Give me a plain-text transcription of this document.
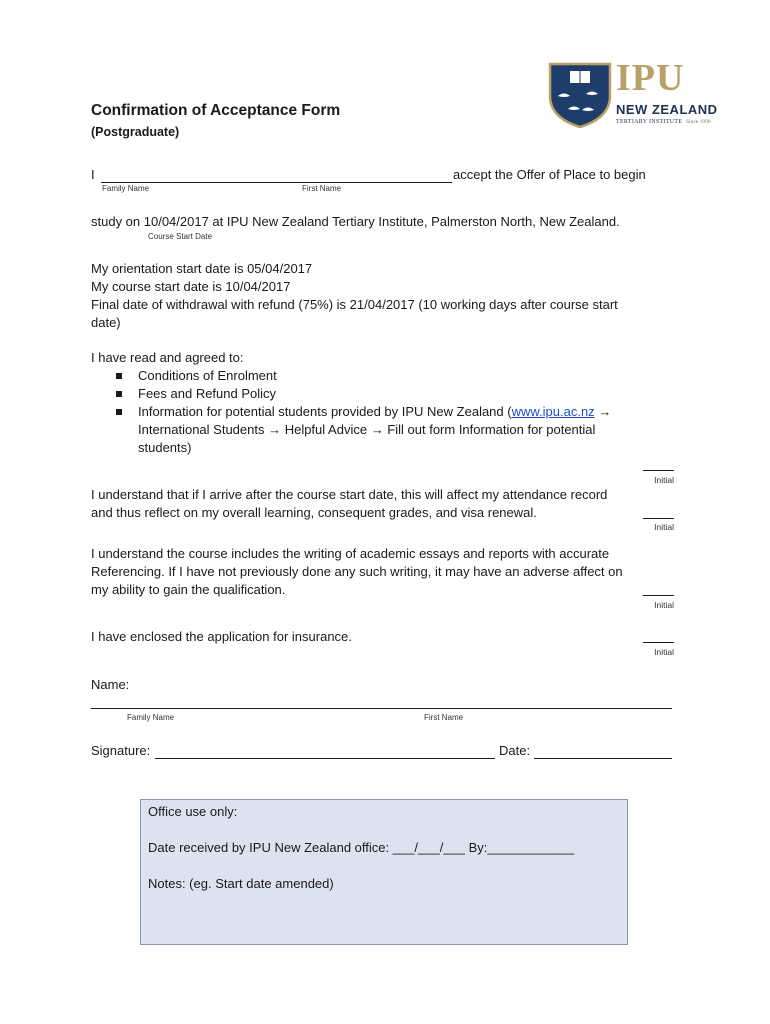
IPU
NEW ZEALAND
TERTIARY INSTITUTE Since 1990
Confirmation of Acceptance Form
(Postgraduate)
I	accept the Offer of Place to begin
Family Name	First Name
study on 10/04/2017 at IPU New Zealand Tertiary Institute, Palmerston North, New Zealand.
Course Start Date
My orientation start date is 05/04/2017
My course start date is 10/04/2017
Final date of withdrawal with refund (75%) is 21/04/2017 (10 working days after course start
date)
I have read and agreed to:
Conditions of Enrolment
Fees and Refund Policy
Information for potential students provided by IPU New Zealand (www.ipu.ac.nz →
International Students → Helpful Advice → Fill out form Information for potential
students)
Initial
I understand that if I arrive after the course start date, this will affect my attendance record
and thus reflect on my overall learning, consequent grades, and visa renewal.
Initial
I understand the course includes the writing of academic essays and reports with accurate
Referencing. If I have not previously done any such writing, it may have an adverse affect on
my ability to gain the qualification.
Initial
I have enclosed the application for insurance.
Initial
Name:
Family Name	First Name
Signature:	Date:
Office use only:
Date received by IPU New Zealand office: ___/___/___ By:____________
Notes: (eg. Start date amended)
